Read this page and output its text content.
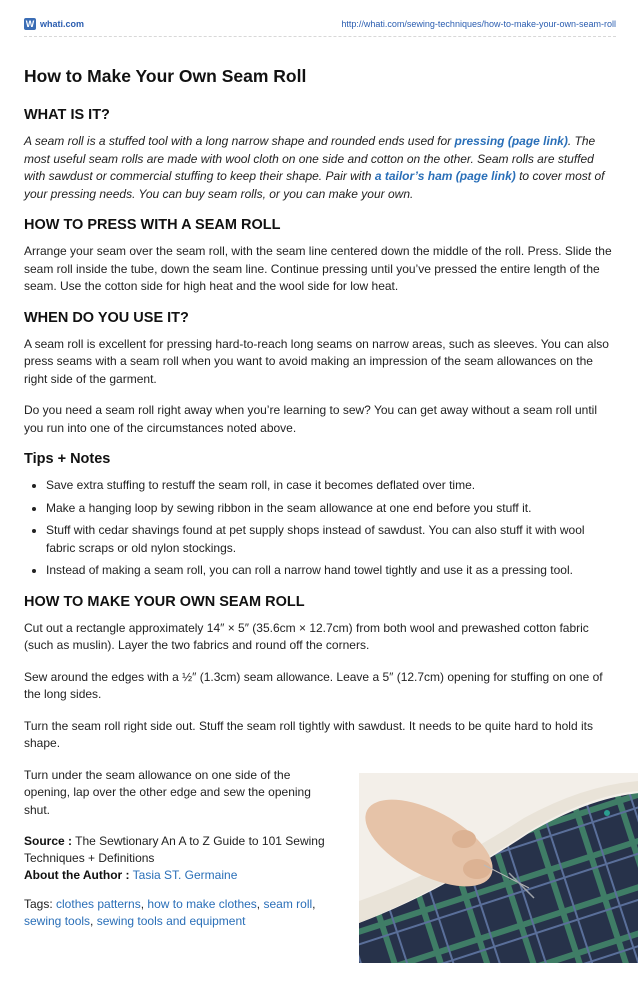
W whati.com	http://whati.com/sewing-techniques/how-to-make-your-own-seam-roll
How to Make Your Own Seam Roll
WHAT IS IT?

A seam roll is a stuffed tool with a long narrow shape and rounded ends used for pressing (page link). The most useful seam rolls are made with wool cloth on one side and cotton on the other. Seam rolls are stuffed with sawdust or commercial stuffing to keep their shape. Pair with a tailor’s ham (page link) to cover most of your pressing needs. You can buy seam rolls, or you can make your own.

HOW TO PRESS WITH A SEAM ROLL

Arrange your seam over the seam roll, with the seam line centered down the middle of the roll. Press. Slide the seam roll inside the tube, down the seam line. Continue pressing until you’ve pressed the entire length of the seam. Use the cotton side for high heat and the wool side for low heat.

WHEN DO YOU USE IT?

A seam roll is excellent for pressing hard-to-reach long seams on narrow areas, such as sleeves. You can also press seams with a seam roll when you want to avoid making an impression of the seam allowances on the right side of the garment.

Do you need a seam roll right away when you’re learning to sew? You can get away without a seam roll until you run into one of the circumstances noted above.

Tips + Notes
• Save extra stuffing to restuff the seam roll, in case it becomes deflated over time.
• Make a hanging loop by sewing ribbon in the seam allowance at one end before you stuff it.
• Stuff with cedar shavings found at pet supply shops instead of sawdust. You can also stuff it with wool fabric scraps or old nylon stockings.
• Instead of making a seam roll, you can roll a narrow hand towel tightly and use it as a pressing tool.
HOW TO MAKE YOUR OWN SEAM ROLL

Cut out a rectangle approximately 14″ × 5″ (35.6cm × 12.7cm) from both wool and prewashed cotton fabric (such as muslin). Layer the two fabrics and round off the corners.

Sew around the edges with a ½″ (1.3cm) seam allowance. Leave a 5″ (12.7cm) opening for stuffing on one of the long sides.

Turn the seam roll right side out. Stuff the seam roll tightly with sawdust. It needs to be quite hard to hold its shape.

Turn under the seam allowance on one side of the opening, lap over the other edge and sew the opening shut.

Source : The Sewtionary An A to Z Guide to 101 Sewing Techniques + Definitions
About the Author : Tasia ST. Germaine

Tags: clothes patterns, how to make clothes, seam roll,
sewing tools, sewing tools and equipment
